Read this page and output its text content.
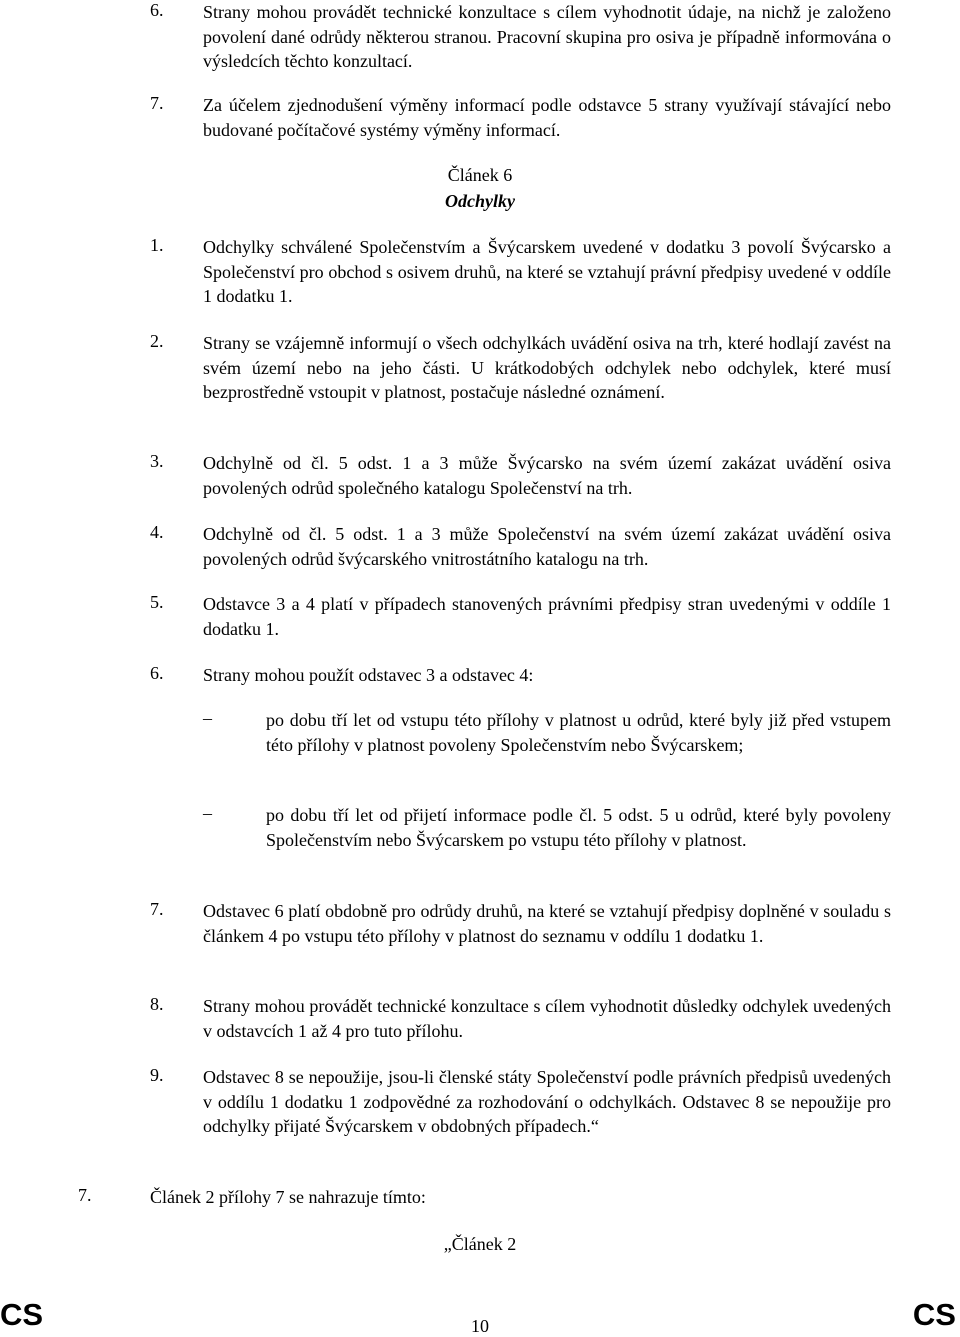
6. Strany mohou provádět technické konzultace s cílem vyhodnotit údaje, na nichž je založeno povolení dané odrůdy některou stranou. Pracovní skupina pro osiva je případně informována o výsledcích těchto konzultací.
7. Za účelem zjednodušení výměny informací podle odstavce 5 strany využívají stávající nebo budované počítačové systémy výměny informací.
Článek 6
Odchylky
1. Odchylky schválené Společenstvím a Švýcarskem uvedené v dodatku 3 povolí Švýcarsko a Společenství pro obchod s osivem druhů, na které se vztahují právní předpisy uvedené v oddíle 1 dodatku 1.
2. Strany se vzájemně informují o všech odchylkách uvádění osiva na trh, které hodlají zavést na svém území nebo na jeho části. U krátkodobých odchylek nebo odchylek, které musí bezprostředně vstoupit v platnost, postačuje následné oznámení.
3. Odchylně od čl. 5 odst. 1 a 3 může Švýcarsko na svém území zakázat uvádění osiva povolených odrůd společného katalogu Společenství na trh.
4. Odchylně od čl. 5 odst. 1 a 3 může Společenství na svém území zakázat uvádění osiva povolených odrůd švýcarského vnitrostátního katalogu na trh.
5. Odstavce 3 a 4 platí v případech stanovených právními předpisy stran uvedenými v oddíle 1 dodatku 1.
6. Strany mohou použít odstavec 3 a odstavec 4:
–	po dobu tří let od vstupu této přílohy v platnost u odrůd, které byly již před vstupem této přílohy v platnost povoleny Společenstvím nebo Švýcarskem;
–	po dobu tří let od přijetí informace podle čl. 5 odst. 5 u odrůd, které byly povoleny Společenstvím nebo Švýcarskem po vstupu této přílohy v platnost.
7. Odstavec 6 platí obdobně pro odrůdy druhů, na které se vztahují předpisy doplněné v souladu s článkem 4 po vstupu této přílohy v platnost do seznamu v oddílu 1 dodatku 1.
8. Strany mohou provádět technické konzultace s cílem vyhodnotit důsledky odchylek uvedených v odstavcích 1 až 4 pro tuto přílohu.
9. Odstavec 8 se nepoužije, jsou-li členské státy Společenství podle právních předpisů uvedených v oddílu 1 dodatku 1 zodpovědné za rozhodování o odchylkách. Odstavec 8 se nepoužije pro odchylky přijaté Švýcarskem v obdobných případech.“
7.	Článek 2 přílohy 7 se nahrazuje tímto:
„Článek 2
CS	10	CS
